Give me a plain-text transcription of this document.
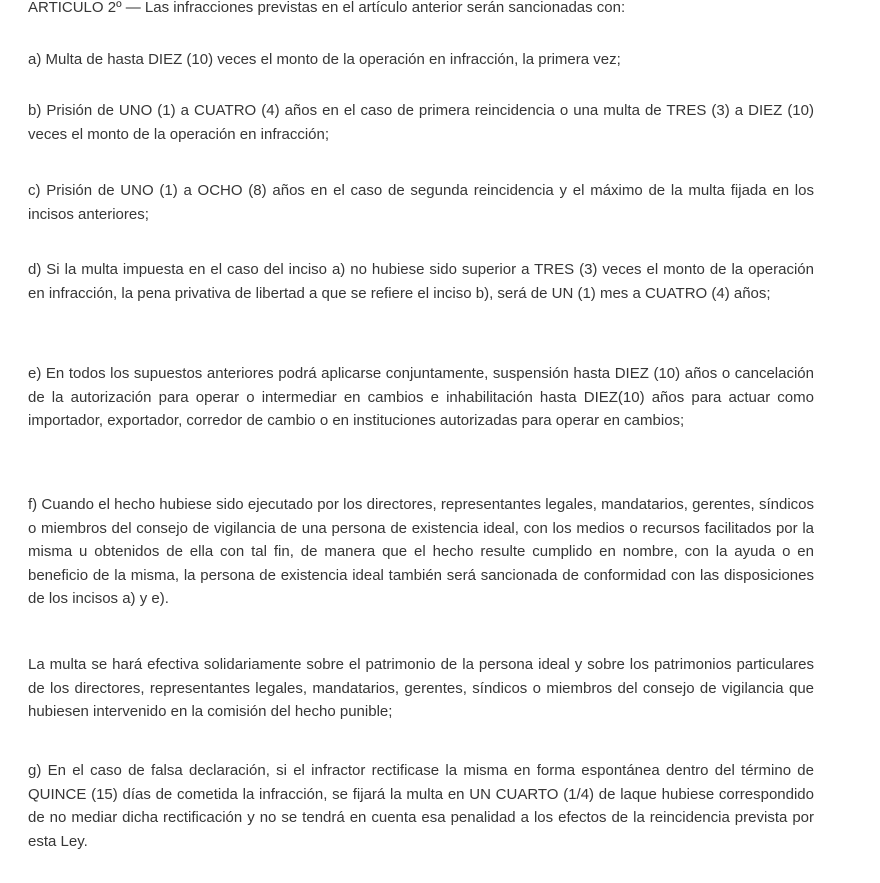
ARTICULO 2º — Las infracciones previstas en el artículo anterior serán sancionadas con:

a) Multa de hasta DIEZ (10) veces el monto de la operación en infracción, la primera vez;

b) Prisión de UNO (1) a CUATRO (4) años en el caso de primera reincidencia o una multa de TRES (3) a DIEZ (10) veces el monto de la operación en infracción;

c) Prisión de UNO (1) a OCHO (8) años en el caso de segunda reincidencia y el máximo de la multa fijada en los incisos anteriores;

d) Si la multa impuesta en el caso del inciso a) no hubiese sido superior a TRES (3) veces el monto de la operación en infracción, la pena privativa de libertad a que se refiere el inciso b), será de UN (1) mes a CUATRO (4) años;

e) En todos los supuestos anteriores podrá aplicarse conjuntamente, suspensión hasta DIEZ (10) años o cancelación de la autorización para operar o intermediar en cambios e inhabilitación hasta DIEZ(10) años para actuar como importador, exportador, corredor de cambio o en instituciones autorizadas para operar en cambios;

f) Cuando el hecho hubiese sido ejecutado por los directores, representantes legales, mandatarios, gerentes, síndicos o miembros del consejo de vigilancia de una persona de existencia ideal, con los medios o recursos facilitados por la misma u obtenidos de ella con tal fin, de manera que el hecho resulte cumplido en nombre, con la ayuda o en beneficio de la misma, la persona de existencia ideal también será sancionada de conformidad con las disposiciones de los incisos a) y e).

La multa se hará efectiva solidariamente sobre el patrimonio de la persona ideal y sobre los patrimonios particulares de los directores, representantes legales, mandatarios, gerentes, síndicos o miembros del consejo de vigilancia que hubiesen intervenido en la comisión del hecho punible;

g) En el caso de falsa declaración, si el infractor rectificase la misma en forma espontánea dentro del término de QUINCE (15) días de cometida la infracción, se fijará la multa en UN CUARTO (1/4) de laque hubiese correspondido de no mediar dicha rectificación y no se tendrá en cuenta esa penalidad a los efectos de la reincidencia prevista por esta Ley.
